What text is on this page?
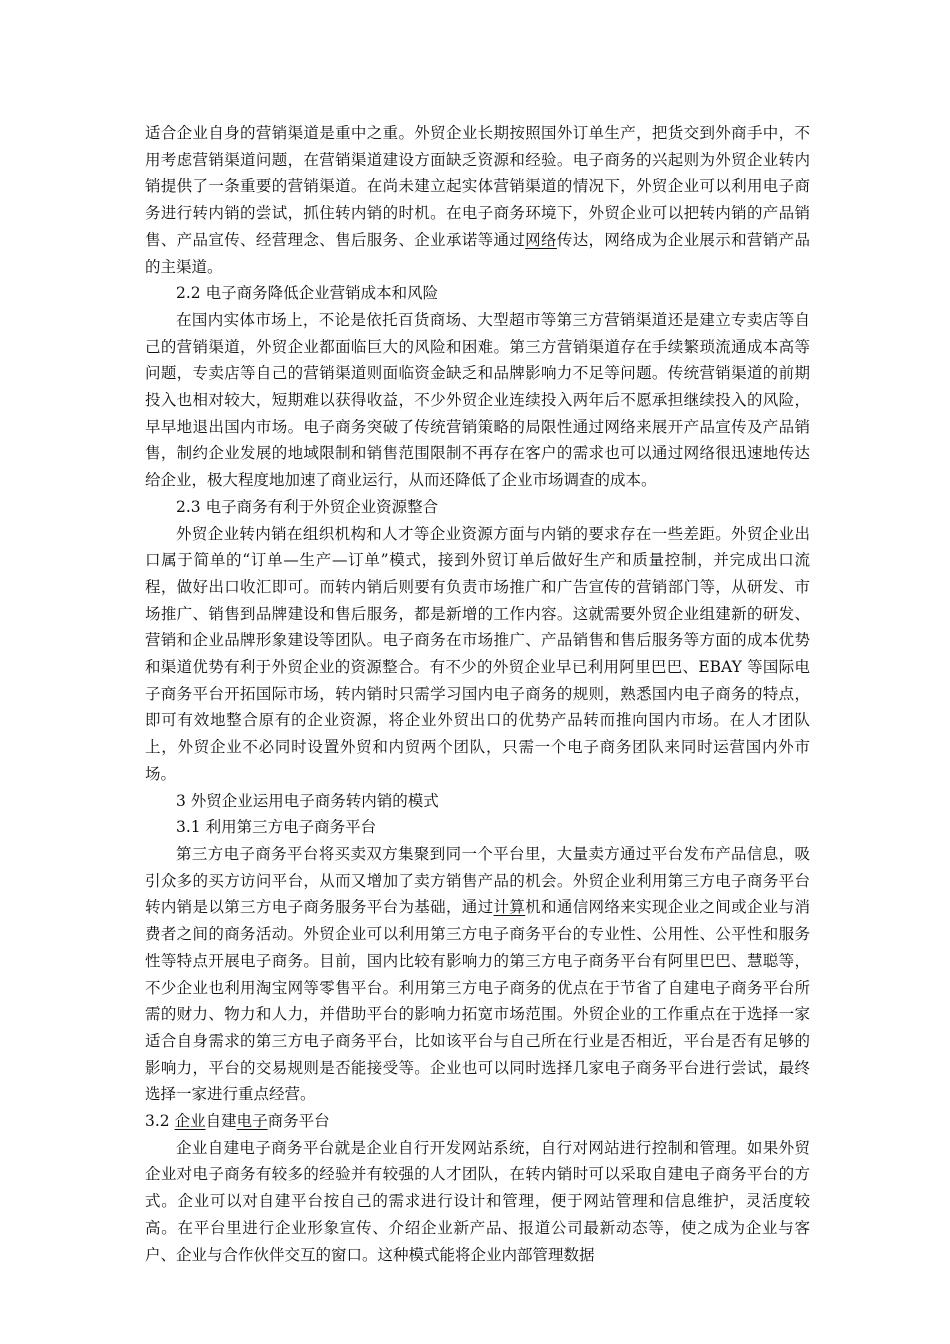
适合企业自身的营销渠道是重中之重。外贸企业长期按照国外订单生产，把货交到外商手中，不用考虑营销渠道问题，在营销渠道建设方面缺乏资源和经验。电子商务的兴起则为外贸企业转内销提供了一条重要的营销渠道。在尚未建立起实体营销渠道的情况下，外贸企业可以利用电子商务进行转内销的尝试，抓住转内销的时机。在电子商务环境下，外贸企业可以把转内销的产品销售、产品宣传、经营理念、售后服务、企业承诺等通过网络传达，网络成为企业展示和营销产品的主渠道。

2.2 电子商务降低企业营销成本和风险

在国内实体市场上，不论是依托百货商场、大型超市等第三方营销渠道还是建立专卖店等自己的营销渠道，外贸企业都面临巨大的风险和困难。第三方营销渠道存在手续繁琐流通成本高等问题，专卖店等自己的营销渠道则面临资金缺乏和品牌影响力不足等问题。传统营销渠道的前期投入也相对较大，短期难以获得收益，不少外贸企业连续投入两年后不愿承担继续投入的风险，早早地退出国内市场。电子商务突破了传统营销策略的局限性通过网络来展开产品宣传及产品销售，制约企业发展的地域限制和销售范围限制不再存在客户的需求也可以通过网络很迅速地传达给企业，极大程度地加速了商业运行，从而还降低了企业市场调查的成本。

2.3 电子商务有利于外贸企业资源整合

外贸企业转内销在组织机构和人才等企业资源方面与内销的要求存在一些差距。外贸企业出口属于简单的“订单—生产—订单”模式，接到外贸订单后做好生产和质量控制，并完成出口流程，做好出口收汇即可。而转内销后则要有负责市场推广和广告宣传的营销部门等，从研发、市场推广、销售到品牌建设和售后服务，都是新增的工作内容。这就需要外贸企业组建新的研发、营销和企业品牌形象建设等团队。电子商务在市场推广、产品销售和售后服务等方面的成本优势和渠道优势有利于外贸企业的资源整合。有不少的外贸企业早已利用阿里巴巴、EBAY 等国际电子商务平台开拓国际市场，转内销时只需学习国内电子商务的规则，熟悉国内电子商务的特点，即可有效地整合原有的企业资源，将企业外贸出口的优势产品转而推向国内市场。在人才团队上，外贸企业不必同时设置外贸和内贸两个团队，只需一个电子商务团队来同时运营国内外市场。

3 外贸企业运用电子商务转内销的模式

3.1 利用第三方电子商务平台

第三方电子商务平台将买卖双方集聚到同一个平台里，大量卖方通过平台发布产品信息，吸引众多的买方访问平台，从而又增加了卖方销售产品的机会。外贸企业利用第三方电子商务平台转内销是以第三方电子商务服务平台为基础，通过计算机和通信网络来实现企业之间或企业与消费者之间的商务活动。外贸企业可以利用第三方电子商务平台的专业性、公用性、公平性和服务性等特点开展电子商务。目前，国内比较有影响力的第三方电子商务平台有阿里巴巴、慧聪等，不少企业也利用淘宝网等零售平台。利用第三方电子商务的优点在于节省了自建电子商务平台所需的财力、物力和人力，并借助平台的影响力拓宽市场范围。外贸企业的工作重点在于选择一家适合自身需求的第三方电子商务平台，比如该平台与自己所在行业是否相近，平台是否有足够的影响力，平台的交易规则是否能接受等。企业也可以同时选择几家电子商务平台进行尝试，最终选择一家进行重点经营。

3.2 企业自建电子商务平台

企业自建电子商务平台就是企业自行开发网站系统，自行对网站进行控制和管理。如果外贸企业对电子商务有较多的经验并有较强的人才团队，在转内销时可以采取自建电子商务平台的方式。企业可以对自建平台按自己的需求进行设计和管理，便于网站管理和信息维护，灵活度较高。在平台里进行企业形象宣传、介绍企业新产品、报道公司最新动态等，使之成为企业与客户、企业与合作伙伴交互的窗口。这种模式能将企业内部管理数据
